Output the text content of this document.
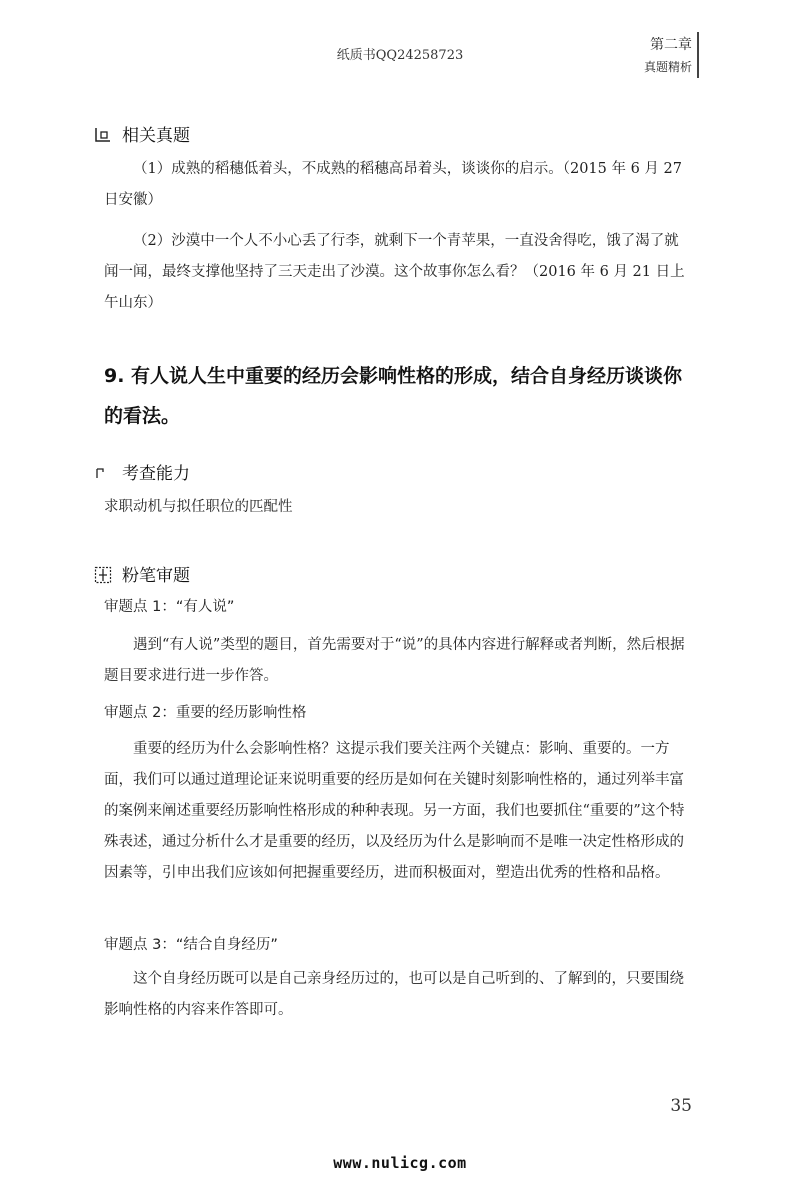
纸质书QQ24258723
第二章
真题精析
相关真题
（1）成熟的稻穗低着头，不成熟的稻穗高昂着头，谈谈你的启示。（2015 年 6 月 27 日安徽）
（2）沙漠中一个人不小心丢了行李，就剩下一个青苹果，一直没舍得吃，饿了渴了就闻一闻，最终支撑他坚持了三天走出了沙漠。这个故事你怎么看？（2016 年 6 月 21 日上午山东）
9. 有人说人生中重要的经历会影响性格的形成，结合自身经历谈谈你的看法。
考查能力
求职动机与拟任职位的匹配性
粉笔审题
审题点 1：“有人说”
遇到“有人说”类型的题目，首先需要对于“说”的具体内容进行解释或者判断，然后根据题目要求进行进一步作答。
审题点 2：重要的经历影响性格
重要的经历为什么会影响性格？这提示我们要关注两个关键点：影响、重要的。一方面，我们可以通过道理论证来说明重要的经历是如何在关键时刻影响性格的，通过列举丰富的案例来阐述重要经历影响性格形成的种种表现。另一方面，我们也要抓住“重要的”这个特殊表述，通过分析什么才是重要的经历，以及经历为什么是影响而不是唯一决定性格形成的因素等，引申出我们应该如何把握重要经历，进而积极面对，塑造出优秀的性格和品格。
审题点 3：“结合自身经历”
这个自身经历既可以是自己亲身经历过的，也可以是自己听到的、了解到的，只要围绕影响性格的内容来作答即可。
35
www.nulicg.com
